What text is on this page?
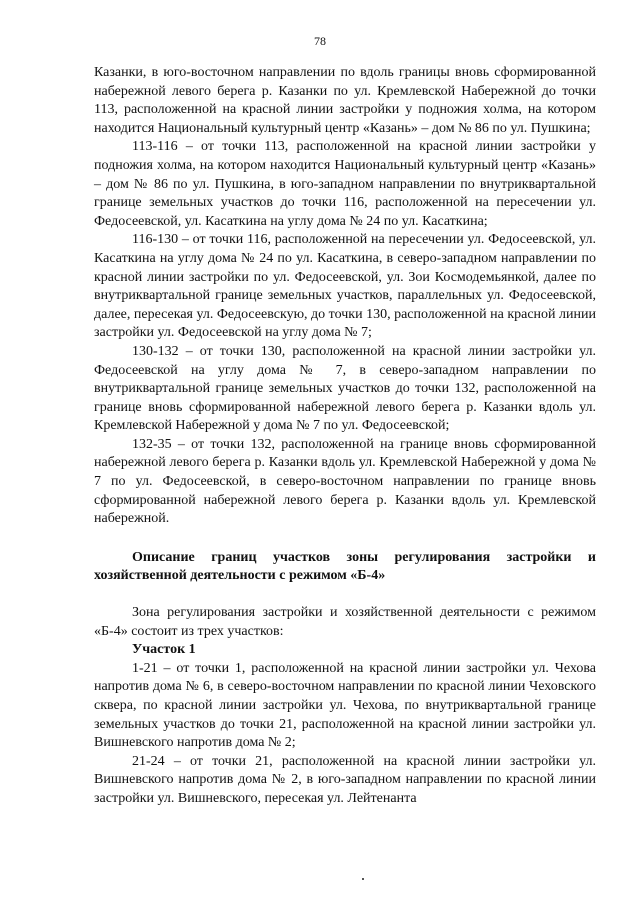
78

Казанки, в юго-восточном направлении по вдоль границы вновь сформированной набережной левого берега р. Казанки по ул. Кремлевской Набережной до точки 113, расположенной на красной линии застройки у подножия холма, на котором находится Национальный культурный центр «Казань» – дом № 86 по ул. Пушкина;

113-116 – от точки 113, расположенной на красной линии застройки у подножия холма, на котором находится Национальный культурный центр «Казань» – дом № 86 по ул. Пушкина, в юго-западном направлении по внутриквартальной границе земельных участков до точки 116, расположенной на пересечении ул. Федосеевской, ул. Касаткина на углу дома № 24 по ул. Касаткина;

116-130 – от точки 116, расположенной на пересечении ул. Федосеевской, ул. Касаткина на углу дома № 24 по ул. Касаткина, в северо-западном направлении по красной линии застройки по ул. Федосеевской, ул. Зои Космодемьянкой, далее по внутриквартальной границе земельных участков, параллельных ул. Федосеевской, далее, пересекая ул. Федосеевскую, до точки 130, расположенной на красной линии застройки ул. Федосеевской на углу дома № 7;

130-132 – от точки 130, расположенной на красной линии застройки ул. Федосеевской на углу дома № 7, в северо-западном направлении по внутриквартальной границе земельных участков до точки 132, расположенной на границе вновь сформированной набережной левого берега р. Казанки вдоль ул. Кремлевской Набережной у дома № 7 по ул. Федосеевской;

132-35 – от точки 132, расположенной на границе вновь сформированной набережной левого берега р. Казанки вдоль ул. Кремлевской Набережной у дома № 7 по ул. Федосеевской, в северо-восточном направлении по границе вновь сформированной набережной левого берега р. Казанки вдоль ул. Кремлевской набережной.

Описание границ участков зоны регулирования застройки и хозяйственной деятельности с режимом «Б-4»

Зона регулирования застройки и хозяйственной деятельности с режимом «Б-4» состоит из трех участков:

Участок 1

1-21 – от точки 1, расположенной на красной линии застройки ул. Чехова напротив дома № 6, в северо-восточном направлении по красной линии Чеховского сквера, по красной линии застройки ул. Чехова, по внутриквартальной границе земельных участков до точки 21, расположенной на красной линии застройки ул. Вишневского напротив дома № 2;

21-24 – от точки 21, расположенной на красной линии застройки ул. Вишневского напротив дома № 2, в юго-западном направлении по красной линии застройки ул. Вишневского, пересекая ул. Лейтенанта
